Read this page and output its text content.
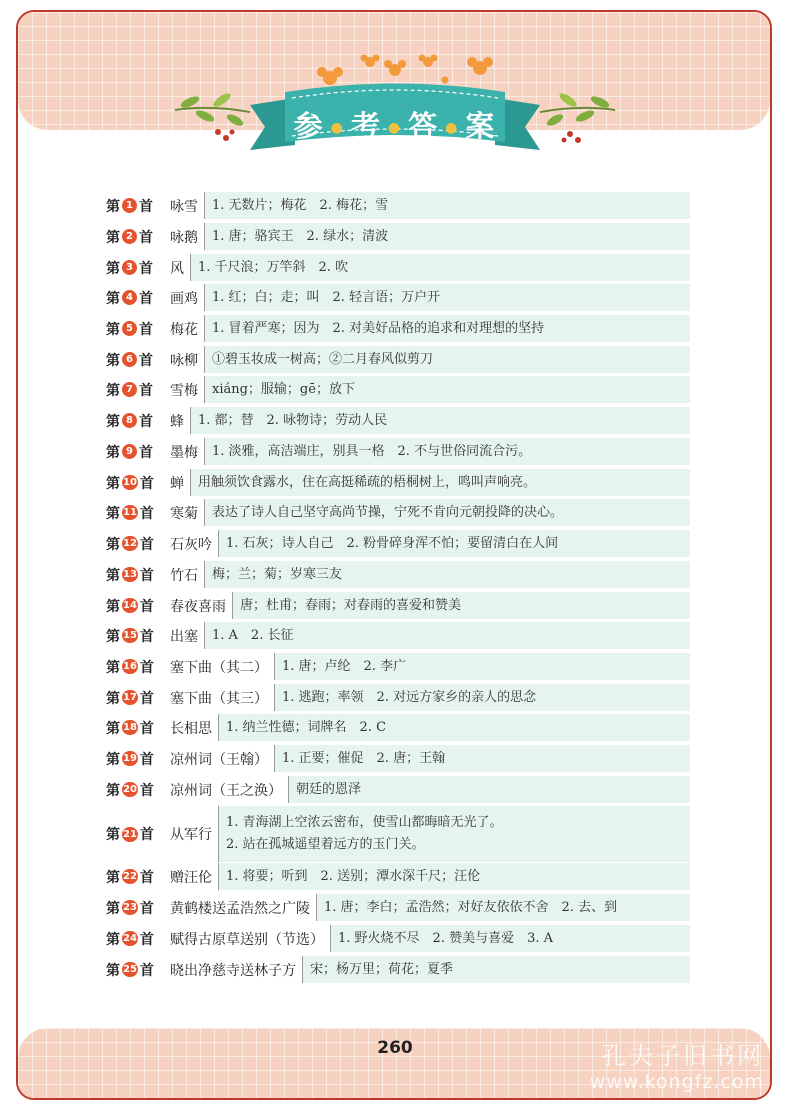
参 ● 考 ● 答 ● 案
第 1 首 咏雪	1. 无数片；梅花　2. 梅花；雪
第 2 首 咏鹅	1. 唐；骆宾王　2. 绿水；清波
第 3 首 风	1. 千尺浪；万竿斜　2. 吹
第 4 首 画鸡	1. 红；白；走；叫　2. 轻言语；万户开
第 5 首 梅花	1. 冒着严寒；因为　2. 对美好品格的追求和对理想的坚持
第 6 首 咏柳	①碧玉妆成一树高；②二月春风似剪刀
第 7 首 雪梅	xiáng；服输；gē；放下
第 8 首 蜂	1. 都；替　2. 咏物诗；劳动人民
第 9 首 墨梅	1. 淡雅，高洁端庄，别具一格　2. 不与世俗同流合污。
第 10 首 蝉	用触须饮食露水，住在高挺稀疏的梧桐树上，鸣叫声响亮。
第 11 首 寒菊	表达了诗人自己坚守高尚节操，宁死不肯向元朝投降的决心。
第 12 首 石灰吟	1. 石灰；诗人自己　2. 粉骨碎身浑不怕；要留清白在人间
第 13 首 竹石	梅；兰；菊；岁寒三友
第 14 首 春夜喜雨	唐；杜甫；春雨；对春雨的喜爱和赞美
第 15 首 出塞	1. A　2. 长征
第 16 首 塞下曲（其二）	1. 唐；卢纶　2. 李广
第 17 首 塞下曲（其三）	1. 逃跑；率领　2. 对远方家乡的亲人的思念
第 18 首 长相思	1. 纳兰性德；词牌名　2. C
第 19 首 凉州词（王翰）	1. 正要；催促　2. 唐；王翰
第 20 首 凉州词（王之涣）	朝廷的恩泽
第 21 首 从军行
1. 青海湖上空浓云密布，使雪山都晦暗无光了。
2. 站在孤城遥望着远方的玉门关。
第 22 首 赠汪伦	1. 将要；听到　2. 送别；潭水深千尺；汪伦
第 23 首 黄鹤楼送孟浩然之广陵	1. 唐；李白；孟浩然；对好友依依不舍　2. 去、到
第 24 首 赋得古原草送别（节选）	1. 野火烧不尽　2. 赞美与喜爱　3. A
第 25 首 晓出净慈寺送林子方	宋；杨万里；荷花；夏季
260	孔夫子旧书网
www.kongfz.com
